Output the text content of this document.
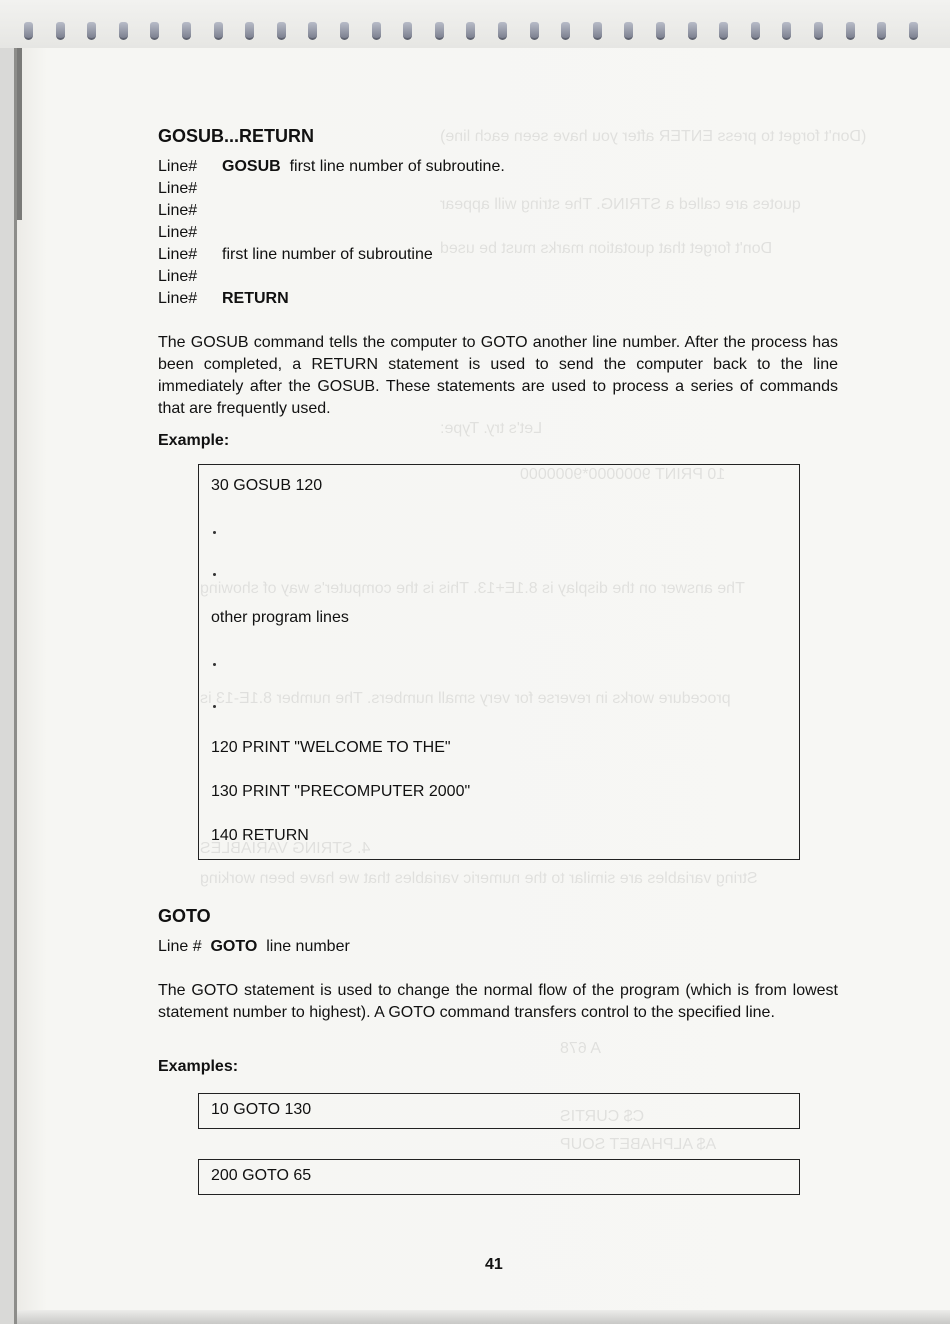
GOSUB...RETURN
Line# GOSUB first line number of subroutine.
Line#
Line#
Line#
Line# first line number of subroutine
Line#
Line# RETURN
The GOSUB command tells the computer to GOTO another line number. After the process has been completed, a RETURN statement is used to send the computer back to the line immediately after the GOSUB. These statements are used to process a series of commands that are frequently used.
Example:
30 GOSUB 120
other program lines
120 PRINT "WELCOME TO THE"
130 PRINT "PRECOMPUTER 2000"
140 RETURN
GOTO
Line # GOTO line number
The GOTO statement is used to change the normal flow of the program (which is from lowest statement number to highest). A GOTO command transfers control to the specified line.
Examples:
10 GOTO 130
200 GOTO 65
41
